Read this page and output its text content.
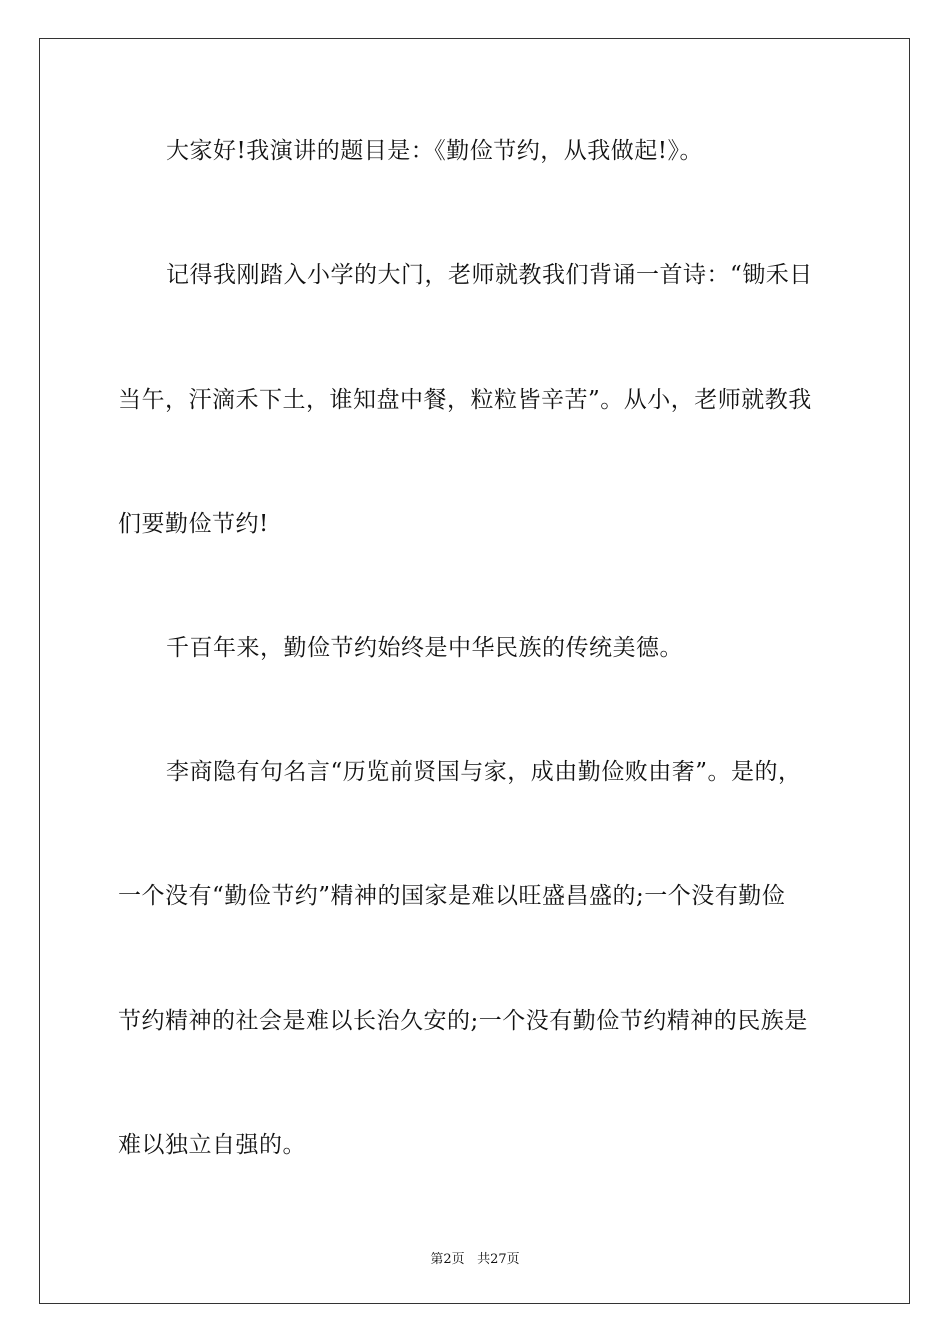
大家好!我演讲的题目是：《勤俭节约，从我做起!》。
记得我刚踏入小学的大门，老师就教我们背诵一首诗：“锄禾日
当午，汗滴禾下土，谁知盘中餐，粒粒皆辛苦”。从小，老师就教我
们要勤俭节约!
千百年来，勤俭节约始终是中华民族的传统美德。
李商隐有句名言“历览前贤国与家，成由勤俭败由奢”。是的，
一个没有“勤俭节约”精神的国家是难以旺盛昌盛的;一个没有勤俭
节约精神的社会是难以长治久安的;一个没有勤俭节约精神的民族是
难以独立自强的。
第2页 共27页
